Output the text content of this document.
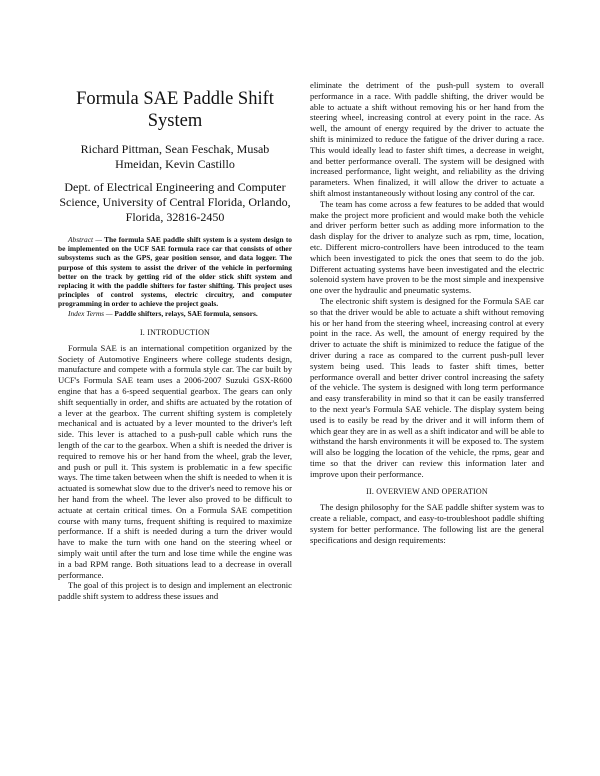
Formula SAE Paddle Shift System
Richard Pittman, Sean Feschak, Musab Hmeidan, Kevin Castillo
Dept. of Electrical Engineering and Computer Science, University of Central Florida, Orlando, Florida, 32816-2450

Abstract — The formula SAE paddle shift system is a system design to be implemented on the UCF SAE formula race car that consists of other subsystems such as the GPS, gear position sensor, and data logger. The purpose of this system to assist the driver of the vehicle in performing better on the track by getting rid of the older stick shift system and replacing it with the paddle shifters for faster shifting. This project uses principles of control systems, electric circuitry, and computer programming in order to achieve the project goals.

Index Terms — Paddle shifters, relays, SAE formula, sensors.

I. INTRODUCTION

Formula SAE is an international competition organized by the Society of Automotive Engineers where college students design, manufacture and compete with a formula style car. The car built by UCF's Formula SAE team uses a 2006-2007 Suzuki GSX-R600 engine that has a 6-speed sequential gearbox. The gears can only shift sequentially in order, and shifts are actuated by the rotation of a lever at the gearbox. The current shifting system is completely mechanical and is actuated by a lever mounted to the driver's left side. This lever is attached to a push-pull cable which runs the length of the car to the gearbox. When a shift is needed the driver is required to remove his or her hand from the wheel, grab the lever, and push or pull it. This system is problematic in a few specific ways. The time taken between when the shift is needed to when it is actuated is somewhat slow due to the driver's need to remove his or her hand from the wheel. The lever also proved to be difficult to actuate at certain critical times. On a Formula SAE competition course with many turns, frequent shifting is required to maximize performance. If a shift is needed during a turn the driver would have to make the turn with one hand on the steering wheel or simply wait until after the turn and lose time while the engine was in a bad RPM range. Both situations lead to a decrease in overall performance.

The goal of this project is to design and implement an electronic paddle shift system to address these issues and

eliminate the detriment of the push-pull system to overall performance in a race. With paddle shifting, the driver would be able to actuate a shift without removing his or her hand from the steering wheel, increasing control at every point in the race. As well, the amount of energy required by the driver to actuate the shift is minimized to reduce the fatigue of the driver during a race. This would ideally lead to faster shift times, a decrease in weight, and better performance overall. The system will be designed with increased performance, light weight, and reliability as the driving parameters. When finalized, it will allow the driver to actuate a shift almost instantaneously without losing any control of the car.

The team has come across a few features to be added that would make the project more proficient and would make both the vehicle and driver perform better such as adding more information to the dash display for the driver to analyze such as rpm, time, location, etc. Different micro-controllers have been introduced to the team which been investigated to pick the ones that seem to do the job. Different actuating systems have been investigated and the electric solenoid system have proven to be the most simple and inexpensive one over the hydraulic and pneumatic systems.

The electronic shift system is designed for the Formula SAE car so that the driver would be able to actuate a shift without removing his or her hand from the steering wheel, increasing control at every point in the race. As well, the amount of energy required by the driver to actuate the shift is minimized to reduce the fatigue of the driver during a race as compared to the current push-pull lever system being used. This leads to faster shift times, better performance overall and better driver control increasing the safety of the vehicle. The system is designed with long term performance and easy transferability in mind so that it can be easily transferred to the next year's Formula SAE vehicle. The display system being used is to easily be read by the driver and it will inform them of which gear they are in as well as a shift indicator and will be able to withstand the harsh environments it will be exposed to. The system will also be logging the location of the vehicle, the rpms, gear and time so that the driver can review this information later and improve upon their performance.

II. OVERVIEW AND OPERATION

The design philosophy for the SAE paddle shifter system was to create a reliable, compact, and easy-to-troubleshoot paddle shifting system for better performance. The following list are the general specifications and design requirements:
